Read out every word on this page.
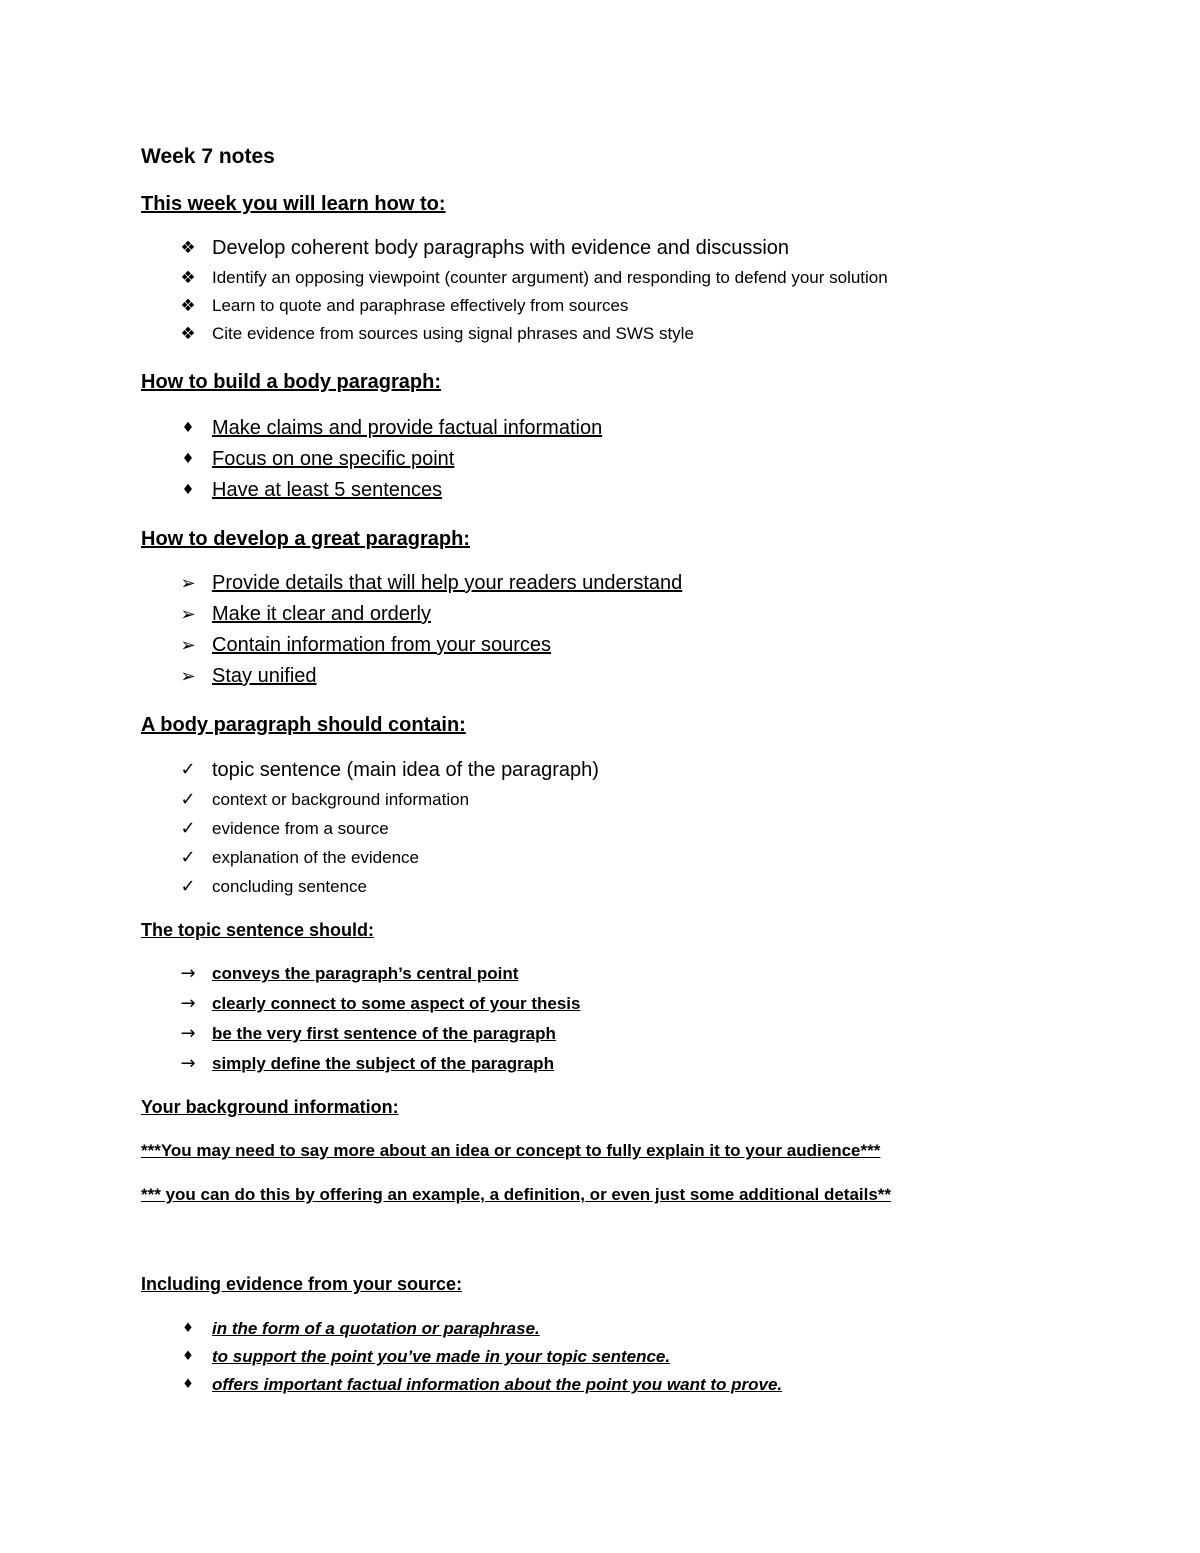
Week 7 notes
This week you will learn how to:
❖ Develop coherent body paragraphs with evidence and discussion
❖ Identify an opposing viewpoint (counter argument) and responding to defend your solution
❖ Learn to quote and paraphrase effectively from sources
❖ Cite evidence from sources using signal phrases and SWS style
How to build a body paragraph:
♦ Make claims and provide factual information
♦ Focus on one specific point
♦ Have at least 5 sentences
How to develop a great paragraph:
➢ Provide details that will help your readers understand
➢ Make it clear and orderly
➢ Contain information from your sources
➢ Stay unified
A body paragraph should contain:
✓ topic sentence (main idea of the paragraph)
✓ context or background information
✓ evidence from a source
✓ explanation of the evidence
✓ concluding sentence
The topic sentence should:
→ conveys the paragraph’s central point
→ clearly connect to some aspect of your thesis
→ be the very first sentence of the paragraph
→ simply define the subject of the paragraph
Your background information:
***You may need to say more about an idea or concept to fully explain it to your audience***
*** you can do this by offering an example, a definition, or even just some additional details**
Including evidence from your source:
♦	in the form of a quotation or paraphrase.
♦	to support the point you’ve made in your topic sentence.
♦	offers important factual information about the point you want to prove.
